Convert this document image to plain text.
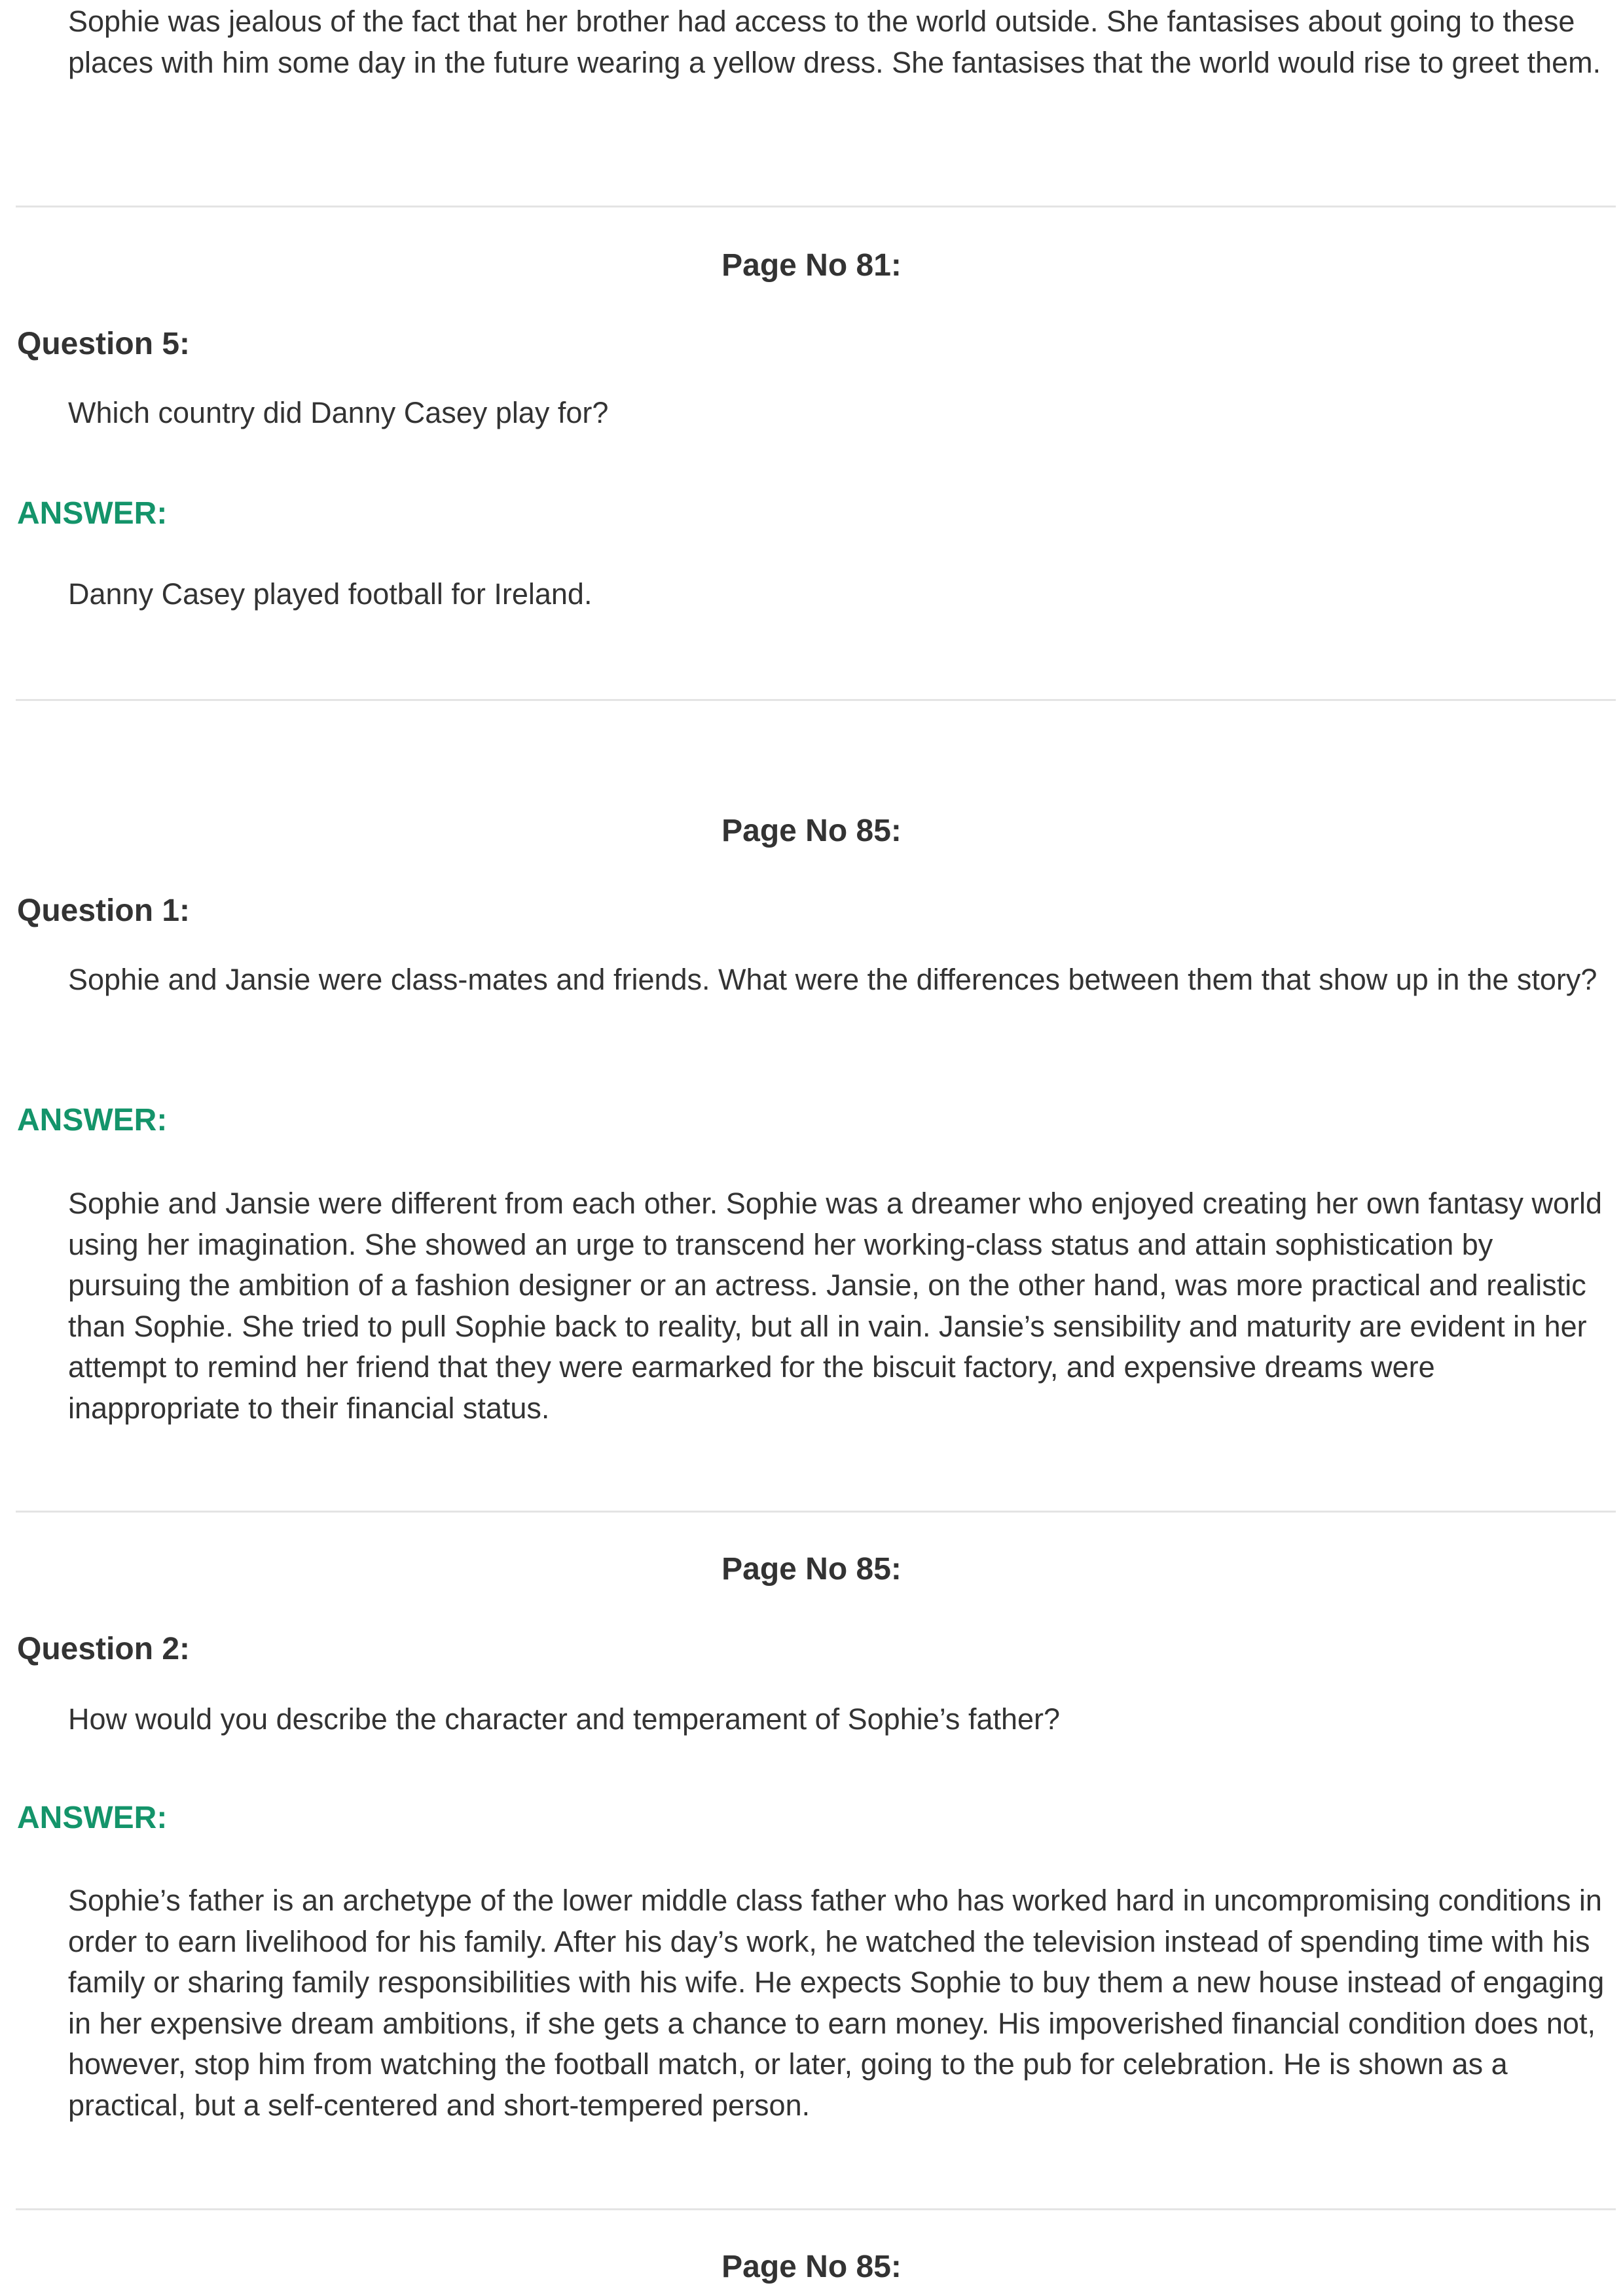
Sophie was jealous of the fact that her brother had access to the world outside. She fantasises about going to these places with him some day in the future wearing a yellow dress. She fantasises that the world would rise to greet them.

Page No 81:
Question 5:

Which country did Danny Casey play for?

ANSWER:

Danny Casey played football for Ireland.

Page No 85:
Question 1:

Sophie and Jansie were class-mates and friends. What were the differences between them that show up in the story?

ANSWER:

Sophie and Jansie were different from each other. Sophie was a dreamer who enjoyed creating her own fantasy world using her imagination. She showed an urge to transcend her working-class status and attain sophistication by pursuing the ambition of a fashion designer or an actress. Jansie, on the other hand, was more practical and realistic than Sophie. She tried to pull Sophie back to reality, but all in vain. Jansie’s sensibility and maturity are evident in her attempt to remind her friend that they were earmarked for the biscuit factory, and expensive dreams were inappropriate to their financial status.

Page No 85:
Question 2:

How would you describe the character and temperament of Sophie’s father?

ANSWER:

Sophie’s father is an archetype of the lower middle class father who has worked hard in uncompromising conditions in order to earn livelihood for his family. After his day’s work, he watched the television instead of spending time with his family or sharing family responsibilities with his wife. He expects Sophie to buy them a new house instead of engaging in her expensive dream ambitions, if she gets a chance to earn money. His impoverished financial condition does not, however, stop him from watching the football match, or later, going to the pub for celebration. He is shown as a practical, but a self-centered and short-tempered person.

Page No 85:
